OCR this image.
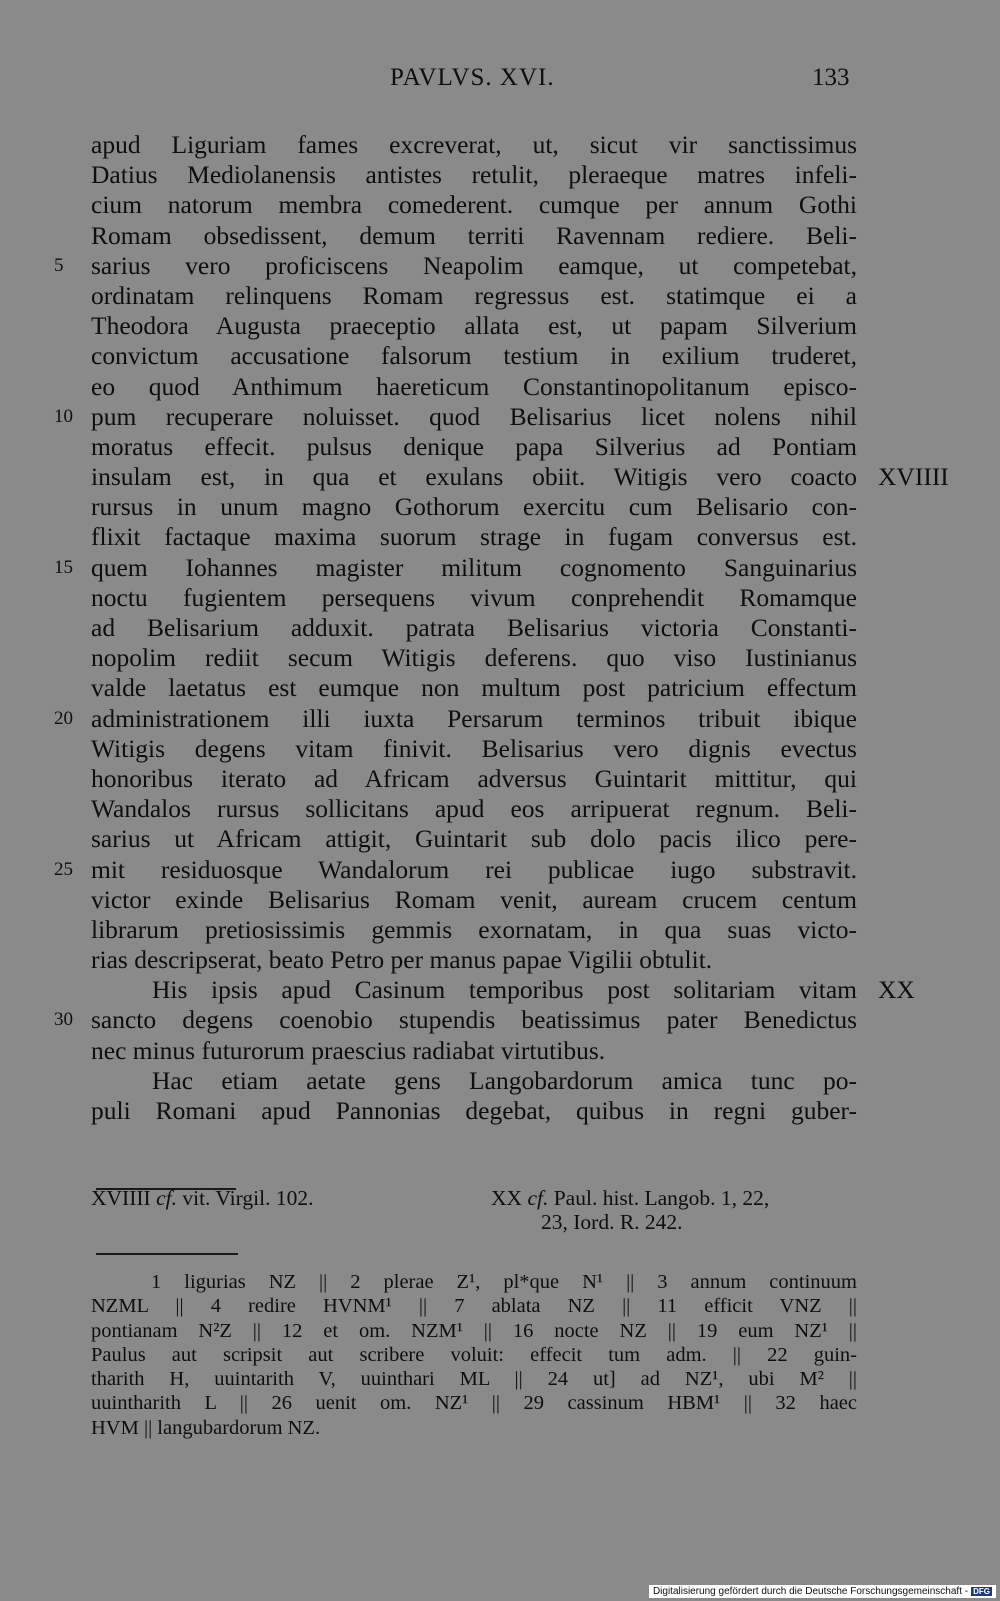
PAVLVS. XVI.	133
apud Liguriam fames excreverat, ut, sicut vir sanctissimus
Datius Mediolanensis antistes retulit, pleraeque matres infeli-
cium natorum membra comederent. cumque per annum Gothi
Romam obsedissent, demum territi Ravennam rediere. Beli-
5 sarius vero proficiscens Neapolim eamque, ut competebat,
ordinatam relinquens Romam regressus est. statimque ei a
Theodora Augusta praeceptio allata est, ut papam Silverium
convictum accusatione falsorum testium in exilium truderet,
eo quod Anthimum haereticum Constantinopolitanum episco-
10 pum recuperare noluisset. quod Belisarius licet nolens nihil
moratus effecit. pulsus denique papa Silverius ad Pontiam
insulam est, in qua et exulans obiit. Witigis vero coacto XVIIII
rursus in unum magno Gothorum exercitu cum Belisario con-
flixit factaque maxima suorum strage in fugam conversus est.
15 quem Iohannes magister militum cognomento Sanguinarius
noctu fugientem persequens vivum conprehendit Romamque
ad Belisarium adduxit. patrata Belisarius victoria Constanti-
nopolim rediit secum Witigis deferens. quo viso Iustinianus
valde laetatus est eumque non multum post patricium effectum
20 administrationem illi iuxta Persarum terminos tribuit ibique
Witigis degens vitam finivit. Belisarius vero dignis evectus
honoribus iterato ad Africam adversus Guintarit mittitur, qui
Wandalos rursus sollicitans apud eos arripuerat regnum. Beli-
sarius ut Africam attigit, Guintarit sub dolo pacis ilico pere-
25 mit residuosque Wandalorum rei publicae iugo substravit.
victor exinde Belisarius Romam venit, auream crucem centum
librarum pretiosissimis gemmis exornatam, in qua suas victo-
rias descripserat, beato Petro per manus papae Vigilii obtulit.
His ipsis apud Casinum temporibus post solitariam vitam XX
30 sancto degens coenobio stupendis beatissimus pater Benedictus
nec minus futurorum praescius radiabat virtutibus.
Hac etiam aetate gens Langobardorum amica tunc po-
puli Romani apud Pannonias degebat, quibus in regni guber-
XVIIII cf. vit. Virgil. 102.	XX cf. Paul. hist. Langob. 1, 22,
23, Iord. R. 242.
1 ligurias NZ || 2 plerae Z¹, pl*que N¹ || 3 annum continuum
NZML || 4 redire HVNM¹ || 7 ablata NZ || 11 efficit VNZ ||
pontianam N²Z || 12 et om. NZM¹ || 16 nocte NZ || 19 eum NZ¹ ||
Paulus aut scripsit aut scribere voluit: effecit tum adm. || 22 guin-
tharith H, uuintarith V, uuinthari ML || 24 ut] ad NZ¹, ubi M² ||
uuintharith L || 26 uenit om. NZ¹ || 29 cassinum HBM¹ || 32 haec
HVM || langubardorum NZ.
Digitalisierung gefördert durch die Deutsche Forschungsgemeinschaft - DFG
